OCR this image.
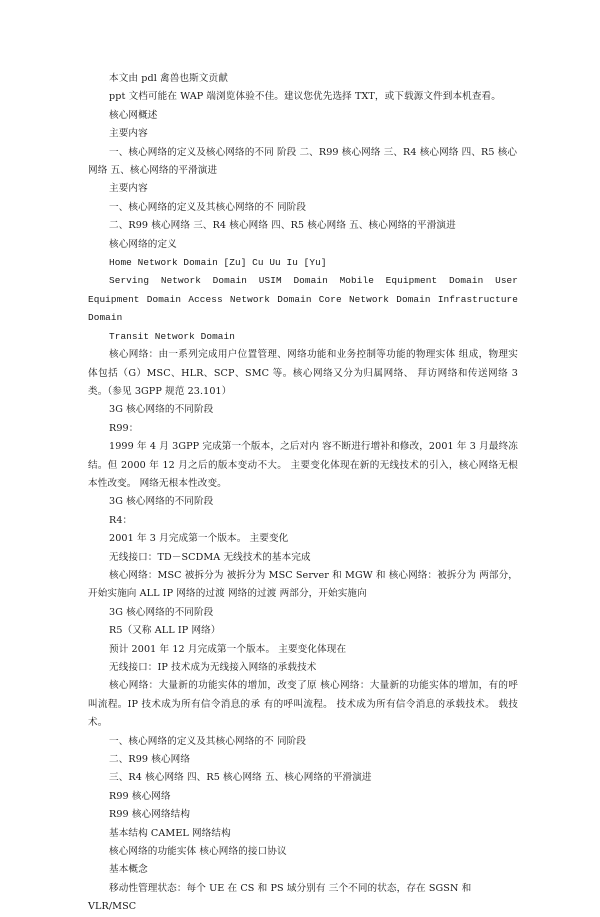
本文由 pdl 禽兽也斯文贡献

ppt 文档可能在 WAP 端浏览体验不佳。建议您优先选择 TXT，或下载源文件到本机查看。

核心网概述

主要内容

一、核心网络的定义及核心网络的不同 阶段 二、R99 核心网络 三、R4 核心网络 四、R5 核心网络 五、核心网络的平滑演进

主要内容

一、核心网络的定义及其核心网络的不 同阶段

二、R99 核心网络 三、R4 核心网络 四、R5 核心网络 五、核心网络的平滑演进

核心网络的定义

Home Network Domain [Zu] Cu Uu Iu [Yu]

Serving Network Domain USIM Domain Mobile Equipment Domain User Equipment Domain Access Network Domain Core Network Domain Infrastructure Domain

Transit Network Domain

核心网络：由一系列完成用户位置管理、网络功能和业务控制等功能的物理实体 组成，物理实体包括（G）MSC、HLR、SCP、SMC 等。核心网络又分为归属网络、 拜访网络和传送网络 3 类。（参见 3GPP 规范 23.101）

3G 核心网络的不同阶段

R99：

1999 年 4 月 3GPP 完成第一个版本，之后对内 容不断进行增补和修改，2001 年 3 月最终冻 结。但 2000 年 12 月之后的版本变动不大。 主要变化体现在新的无线技术的引入，核心网络无根本性改变。 网络无根本性改变。

3G 核心网络的不同阶段

R4：

2001 年 3 月完成第一个版本。 主要变化

无线接口：TD－SCDMA 无线技术的基本完成

核心网络：MSC 被拆分为 被拆分为 MSC Server 和 MGW 和 核心网络：被拆分为 两部分，开始实施向 ALL IP 网络的过渡 网络的过渡 两部分，开始实施向

3G 核心网络的不同阶段

R5（又称 ALL IP 网络）

预计 2001 年 12 月完成第一个版本。 主要变化体现在

无线接口：IP 技术成为无线接入网络的承载技术

核心网络：大量新的功能实体的增加，改变了原 核心网络：大量新的功能实体的增加，有的呼叫流程。IP 技术成为所有信令消息的承 有的呼叫流程。 技术成为所有信令消息的承载技术。 载技术。

一、核心网络的定义及其核心网络的不 同阶段

二、R99 核心网络

三、R4 核心网络 四、R5 核心网络 五、核心网络的平滑演进

R99 核心网络

R99 核心网络结构

基本结构 CAMEL 网络结构

核心网络的功能实体 核心网络的接口协议

基本概念

移动性管理状态：每个 UE 在 CS 和 PS 域分别有 三个不同的状态，存在 SGSN 和 VLR/MSC
